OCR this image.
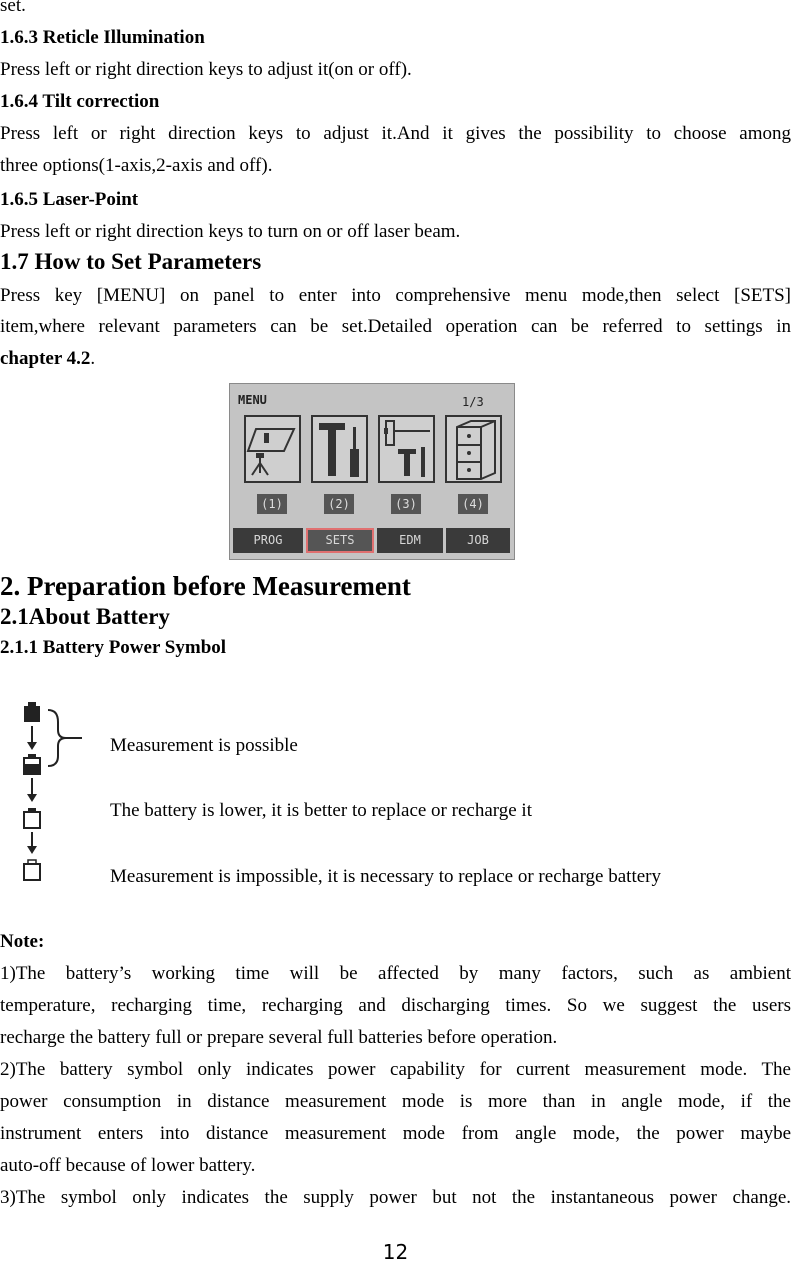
set.
1.6.3 Reticle Illumination
Press left or right direction keys to adjust it(on or off).
1.6.4 Tilt correction
Press left or right direction keys to adjust it.And it gives the possibility to choose among
three options(1-axis,2-axis and off).
1.6.5 Laser-Point
Press left or right direction keys to turn on or off laser beam.
1.7 How to Set Parameters
Press key [MENU] on panel to enter into comprehensive menu mode,then select [SETS]
item,where relevant parameters can be set.Detailed operation can be referred to settings in
chapter 4.2.
MENU	1/3
(1)	(2)	(3)	(4)
PROG	SETS	EDM	JOB
2. Preparation before Measurement
2.1About Battery
2.1.1 Battery Power Symbol
Measurement is possible
The battery is lower, it is better to replace or recharge it
Measurement is impossible, it is necessary to replace or recharge battery
Note:
1)The battery’s working time will be affected by many factors, such as ambient
temperature, recharging time, recharging and discharging times. So we suggest the users
recharge the battery full or prepare several full batteries before operation.
2)The battery symbol only indicates power capability for current measurement mode. The
power consumption in distance measurement mode is more than in angle mode, if the
instrument enters into distance measurement mode from angle mode, the power maybe
auto-off because of lower battery.
3)The symbol only indicates the supply power but not the instantaneous power change.
12
